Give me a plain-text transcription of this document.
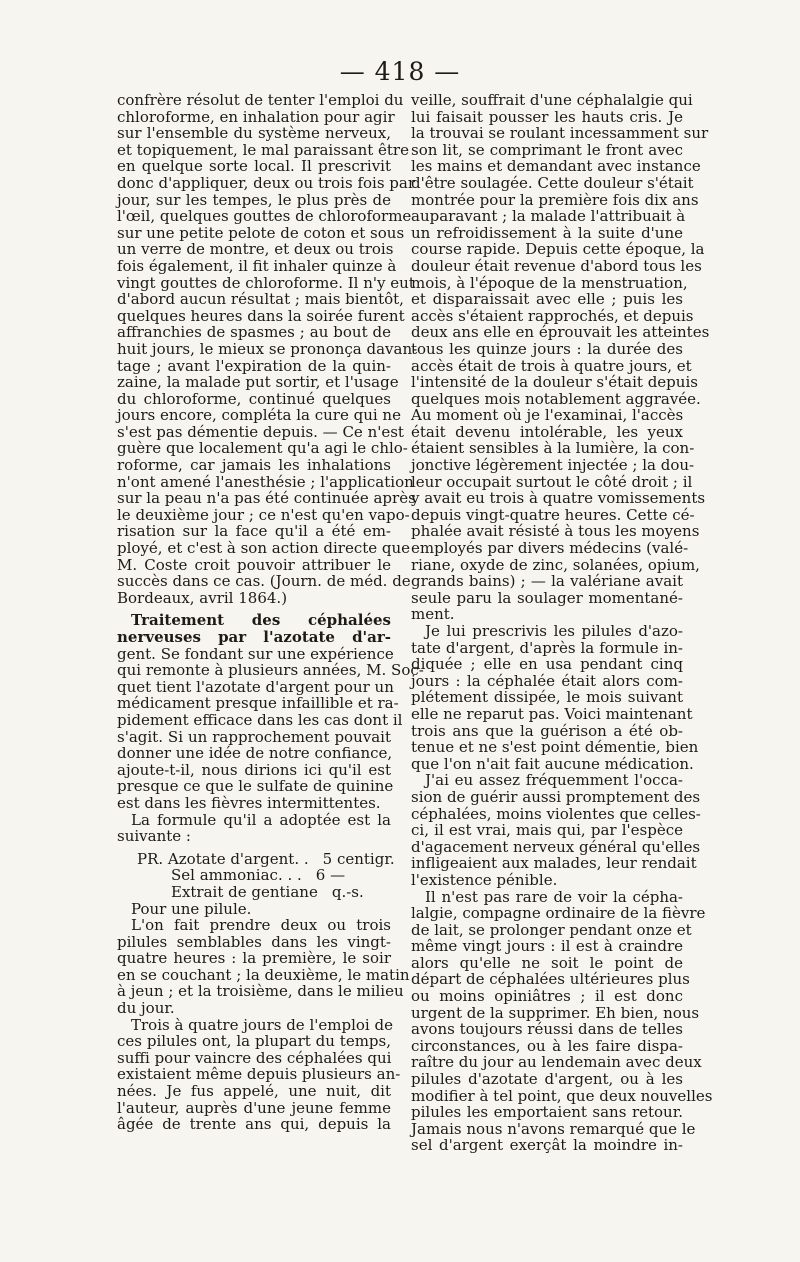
— 418 —
confrère résolut de tenter l'emploi du
chloroforme, en inhalation pour agir
sur l'ensemble du système nerveux,
et topiquement, le mal paraissant être
en quelque sorte local. Il prescrivit
donc d'appliquer, deux ou trois fois par
jour, sur les tempes, le plus près de
l'œil, quelques gouttes de chloroforme
sur une petite pelote de coton et sous
un verre de montre, et deux ou trois
fois également, il fit inhaler quinze à
vingt gouttes de chloroforme. Il n'y eut
d'abord aucun résultat ; mais bientôt,
quelques heures dans la soirée furent
affranchies de spasmes ; au bout de
huit jours, le mieux se prononça davan-
tage ; avant l'expiration de la quin-
zaine, la malade put sortir, et l'usage
du chloroforme, continué quelques
jours encore, compléta la cure qui ne
s'est pas démentie depuis. — Ce n'est
guère que localement qu'a agi le chlo-
roforme, car jamais les inhalations
n'ont amené l'anesthésie ; l'application
sur la peau n'a pas été continuée après
le deuxième jour ; ce n'est qu'en vapo-
risation sur la face qu'il a été em-
ployé, et c'est à son action directe que
M. Coste croit pouvoir attribuer le
succès dans ce cas. (Journ. de méd. de
Bordeaux, avril 1864.)
Traitement des céphalées
nerveuses par l'azotate d'ar-
gent. Se fondant sur une expérience
qui remonte à plusieurs années, M. Soc-
quet tient l'azotate d'argent pour un
médicament presque infaillible et ra-
pidement efficace dans les cas dont il
s'agit. Si un rapprochement pouvait
donner une idée de notre confiance,
ajoute-t-il, nous dirions ici qu'il est
presque ce que le sulfate de quinine
est dans les fièvres intermittentes.
La formule qu'il a adoptée est la
suivante :
PR. Azotate d'argent. . 5 centigr.
Sel ammoniac. . . 6 —
Extrait de gentiane q.-s.
Pour une pilule.
L'on fait prendre deux ou trois
pilules semblables dans les vingt-
quatre heures : la première, le soir
en se couchant ; la deuxième, le matin
à jeun ; et la troisième, dans le milieu
du jour.
Trois à quatre jours de l'emploi de
ces pilules ont, la plupart du temps,
suffi pour vaincre des céphalées qui
existaient même depuis plusieurs an-
nées. Je fus appelé, une nuit, dit
l'auteur, auprès d'une jeune femme
âgée de trente ans qui, depuis la
veille, souffrait d'une céphalalgie qui
lui faisait pousser les hauts cris. Je
la trouvai se roulant incessamment sur
son lit, se comprimant le front avec
les mains et demandant avec instance
d'être soulagée. Cette douleur s'était
montrée pour la première fois dix ans
auparavant ; la malade l'attribuait à
un refroidissement à la suite d'une
course rapide. Depuis cette époque, la
douleur était revenue d'abord tous les
mois, à l'époque de la menstruation,
et disparaissait avec elle ; puis les
accès s'étaient rapprochés, et depuis
deux ans elle en éprouvait les atteintes
tous les quinze jours : la durée des
accès était de trois à quatre jours, et
l'intensité de la douleur s'était depuis
quelques mois notablement aggravée.
Au moment où je l'examinai, l'accès
était devenu intolérable, les yeux
étaient sensibles à la lumière, la con-
jonctive légèrement injectée ; la dou-
leur occupait surtout le côté droit ; il
y avait eu trois à quatre vomissements
depuis vingt-quatre heures. Cette cé-
phalée avait résisté à tous les moyens
employés par divers médecins (valé-
riane, oxyde de zinc, solanées, opium,
grands bains) ; — la valériane avait
seule paru la soulager momentané-
ment.
Je lui prescrivis les pilules d'azo-
tate d'argent, d'après la formule in-
diquée ; elle en usa pendant cinq
jours : la céphalée était alors com-
plétement dissipée, le mois suivant
elle ne reparut pas. Voici maintenant
trois ans que la guérison a été ob-
tenue et ne s'est point démentie, bien
que l'on n'ait fait aucune médication.
J'ai eu assez fréquemment l'occa-
sion de guérir aussi promptement des
céphalées, moins violentes que celles-
ci, il est vrai, mais qui, par l'espèce
d'agacement nerveux général qu'elles
infligeaient aux malades, leur rendait
l'existence pénible.
Il n'est pas rare de voir la cépha-
lalgie, compagne ordinaire de la fièvre
de lait, se prolonger pendant onze et
même vingt jours : il est à craindre
alors qu'elle ne soit le point de
départ de céphalées ultérieures plus
ou moins opiniâtres ; il est donc
urgent de la supprimer. Eh bien, nous
avons toujours réussi dans de telles
circonstances, ou à les faire dispa-
raître du jour au lendemain avec deux
pilules d'azotate d'argent, ou à les
modifier à tel point, que deux nouvelles
pilules les emportaient sans retour.
Jamais nous n'avons remarqué que le
sel d'argent exerçât la moindre in-
